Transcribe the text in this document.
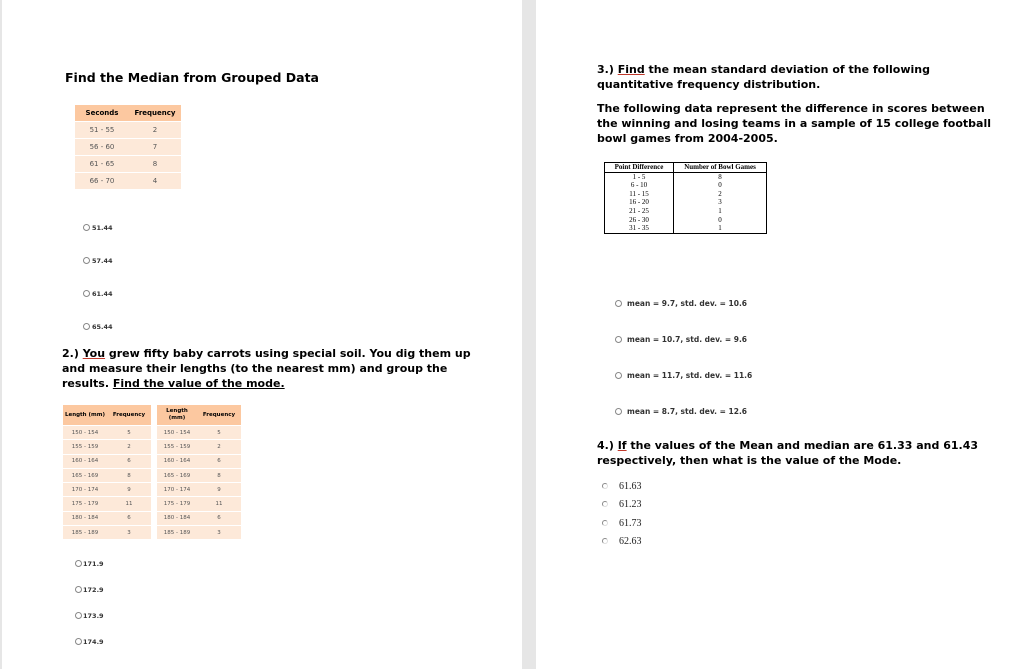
Find the Median from Grouped Data
Seconds	Frequency
51 - 55	2
56 - 60	7
61 - 65	8
66 - 70	4
51.44
57.44
61.44
65.44
2.) You grew fifty baby carrots using special soil. You dig them up and measure their lengths (to the nearest mm) and group the results. Find the value of the mode.
Length (mm)	Frequency		Length (mm)	Frequency
150 - 154	5		150 - 154	5
155 - 159	2		155 - 159	2
160 - 164	6		160 - 164	6
165 - 169	8		165 - 169	8
170 - 174	9		170 - 174	9
175 - 179	11		175 - 179	11
180 - 184	6		180 - 184	6
185 - 189	3		185 - 189	3
171.9
172.9
173.9
174.9
3.) Find the mean standard deviation of the following quantitative frequency distribution.
The following data represent the difference in scores between the winning and losing teams in a sample of 15 college football bowl games from 2004-2005.
Point Difference	Number of Bowl Games
1 - 5	8
6 - 10	0
11 - 15	2
16 - 20	3
21 - 25	1
26 - 30	0
31 - 35	1
mean = 9.7, std. dev. = 10.6
mean = 10.7, std. dev. = 9.6
mean = 11.7, std. dev. = 11.6
mean = 8.7, std. dev. = 12.6
4.) If the values of the Mean and median are 61.33 and 61.43 respectively, then what is the value of the Mode.
61.63
61.23
61.73
62.63
